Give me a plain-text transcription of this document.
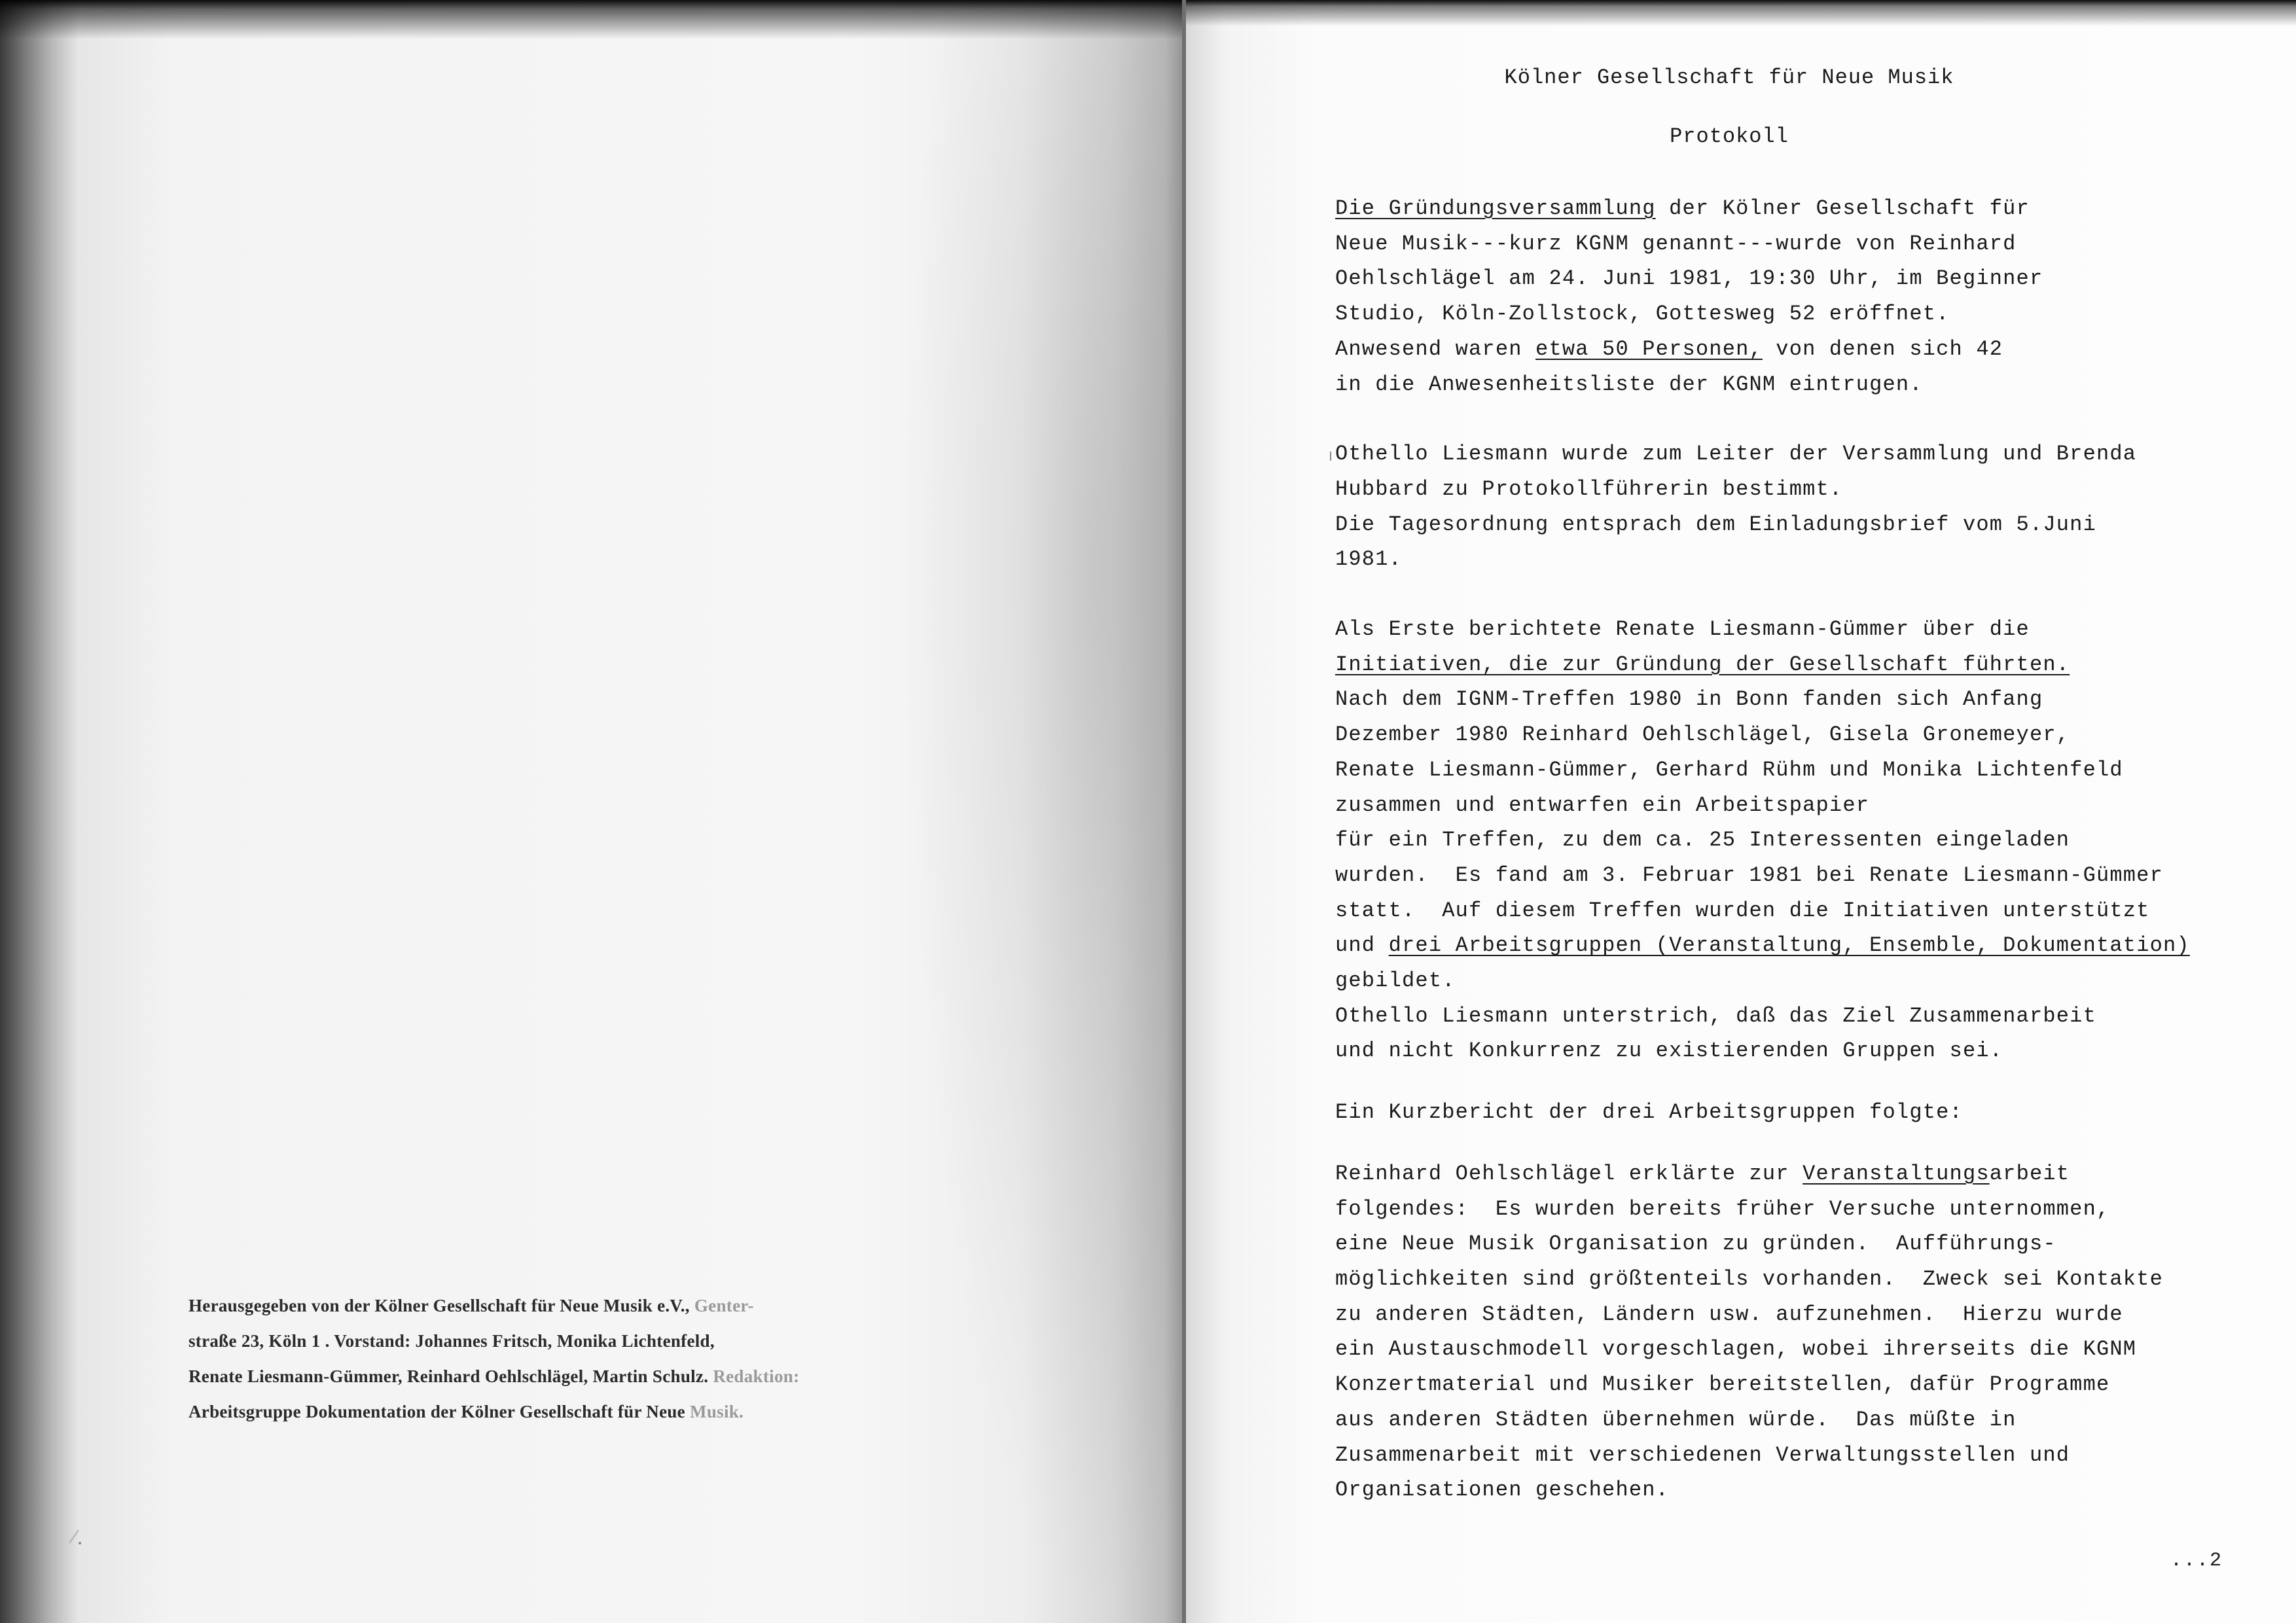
Herausgegeben von der Kölner Gesellschaft für Neue Musik e.V., Genter-
straße 23, Köln 1 . Vorstand: Johannes Fritsch, Monika Lichtenfeld,
Renate Liesmann-Gümmer, Reinhard Oehlschlägel, Martin Schulz. Redaktion:
Arbeitsgruppe Dokumentation der Kölner Gesellschaft für Neue Musik.
Kölner Gesellschaft für Neue Musik
Protokoll
Die Gründungsversammlung der Kölner Gesellschaft für
Neue Musik---kurz KGNM genannt---wurde von Reinhard
Oehlschlägel am 24. Juni 1981, 19:30 Uhr, im Beginner
Studio, Köln-Zollstock, Gottesweg 52 eröffnet.
Anwesend waren etwa 50 Personen, von denen sich 42
in die Anwesenheitsliste der KGNM eintrugen.
Othello Liesmann wurde zum Leiter der Versammlung und Brenda
Hubbard zu Protokollführerin bestimmt.
Die Tagesordnung entsprach dem Einladungsbrief vom 5.Juni
1981.
Als Erste berichtete Renate Liesmann-Gümmer über die
Initiativen, die zur Gründung der Gesellschaft führten.
Nach dem IGNM-Treffen 1980 in Bonn fanden sich Anfang
Dezember 1980 Reinhard Oehlschlägel, Gisela Gronemeyer,
Renate Liesmann-Gümmer, Gerhard Rühm und Monika Lichtenfeld
zusammen und entwarfen ein Arbeitspapier
für ein Treffen, zu dem ca. 25 Interessenten eingeladen
wurden.  Es fand am 3. Februar 1981 bei Renate Liesmann-Gümmer
statt.  Auf diesem Treffen wurden die Initiativen unterstützt
und drei Arbeitsgruppen (Veranstaltung, Ensemble, Dokumentation)
gebildet.
Othello Liesmann unterstrich, daß das Ziel Zusammenarbeit
und nicht Konkurrenz zu existierenden Gruppen sei.
Ein Kurzbericht der drei Arbeitsgruppen folgte:
Reinhard Oehlschlägel erklärte zur Veranstaltungsarbeit
folgendes:  Es wurden bereits früher Versuche unternommen,
eine Neue Musik Organisation zu gründen.  Aufführungs-
möglichkeiten sind größtenteils vorhanden.  Zweck sei Kontakte
zu anderen Städten, Ländern usw. aufzunehmen.  Hierzu wurde
ein Austauschmodell vorgeschlagen, wobei ihrerseits die KGNM
Konzertmaterial und Musiker bereitstellen, dafür Programme
aus anderen Städten übernehmen würde.  Das müßte in
Zusammenarbeit mit verschiedenen Verwaltungsstellen und
Organisationen geschehen.
...2
